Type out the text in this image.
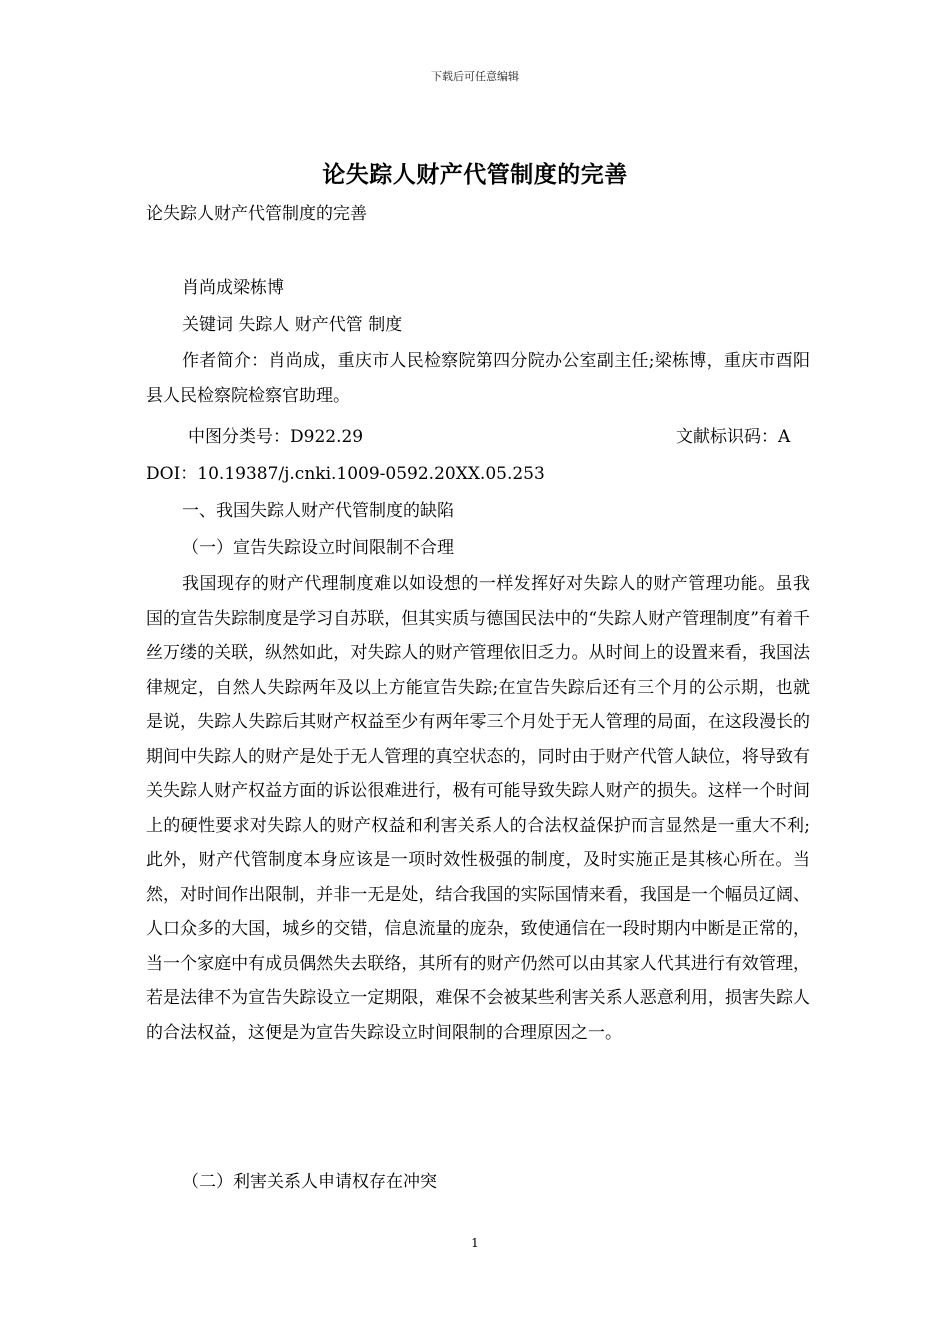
下载后可任意编辑
论失踪人财产代管制度的完善
论失踪人财产代管制度的完善
肖尚成梁栋博
关键词 失踪人 财产代管 制度

作者简介：肖尚成，重庆市人民检察院第四分院办公室副主任;梁栋博，重庆市酉阳县人民检察院检察官助理。

中图分类号：D922.29	文献标识码：A
DOI：10.19387/j.cnki.1009-0592.20XX.05.253
一、我国失踪人财产代管制度的缺陷
（一）宣告失踪设立时间限制不合理

我国现存的财产代理制度难以如设想的一样发挥好对失踪人的财产管理功能。虽我国的宣告失踪制度是学习自苏联，但其实质与德国民法中的“失踪人财产管理制度”有着千丝万缕的关联，纵然如此，对失踪人的财产管理依旧乏力。从时间上的设置来看，我国法律规定，自然人失踪两年及以上方能宣告失踪;在宣告失踪后还有三个月的公示期，也就是说，失踪人失踪后其财产权益至少有两年零三个月处于无人管理的局面，在这段漫长的期间中失踪人的财产是处于无人管理的真空状态的，同时由于财产代管人缺位，将导致有关失踪人财产权益方面的诉讼很难进行，极有可能导致失踪人财产的损失。这样一个时间上的硬性要求对失踪人的财产权益和利害关系人的合法权益保护而言显然是一重大不利;此外，财产代管制度本身应该是一项时效性极强的制度，及时实施正是其核心所在。当然，对时间作出限制，并非一无是处，结合我国的实际国情来看，我国是一个幅员辽阔、人口众多的大国，城乡的交错，信息流量的庞杂，致使通信在一段时期内中断是正常的，当一个家庭中有成员偶然失去联络，其所有的财产仍然可以由其家人代其进行有效管理，若是法律不为宣告失踪设立一定期限，难保不会被某些利害关系人恶意利用，损害失踪人的合法权益，这便是为宣告失踪设立时间限制的合理原因之一。

（二）利害关系人申请权存在冲突
1
